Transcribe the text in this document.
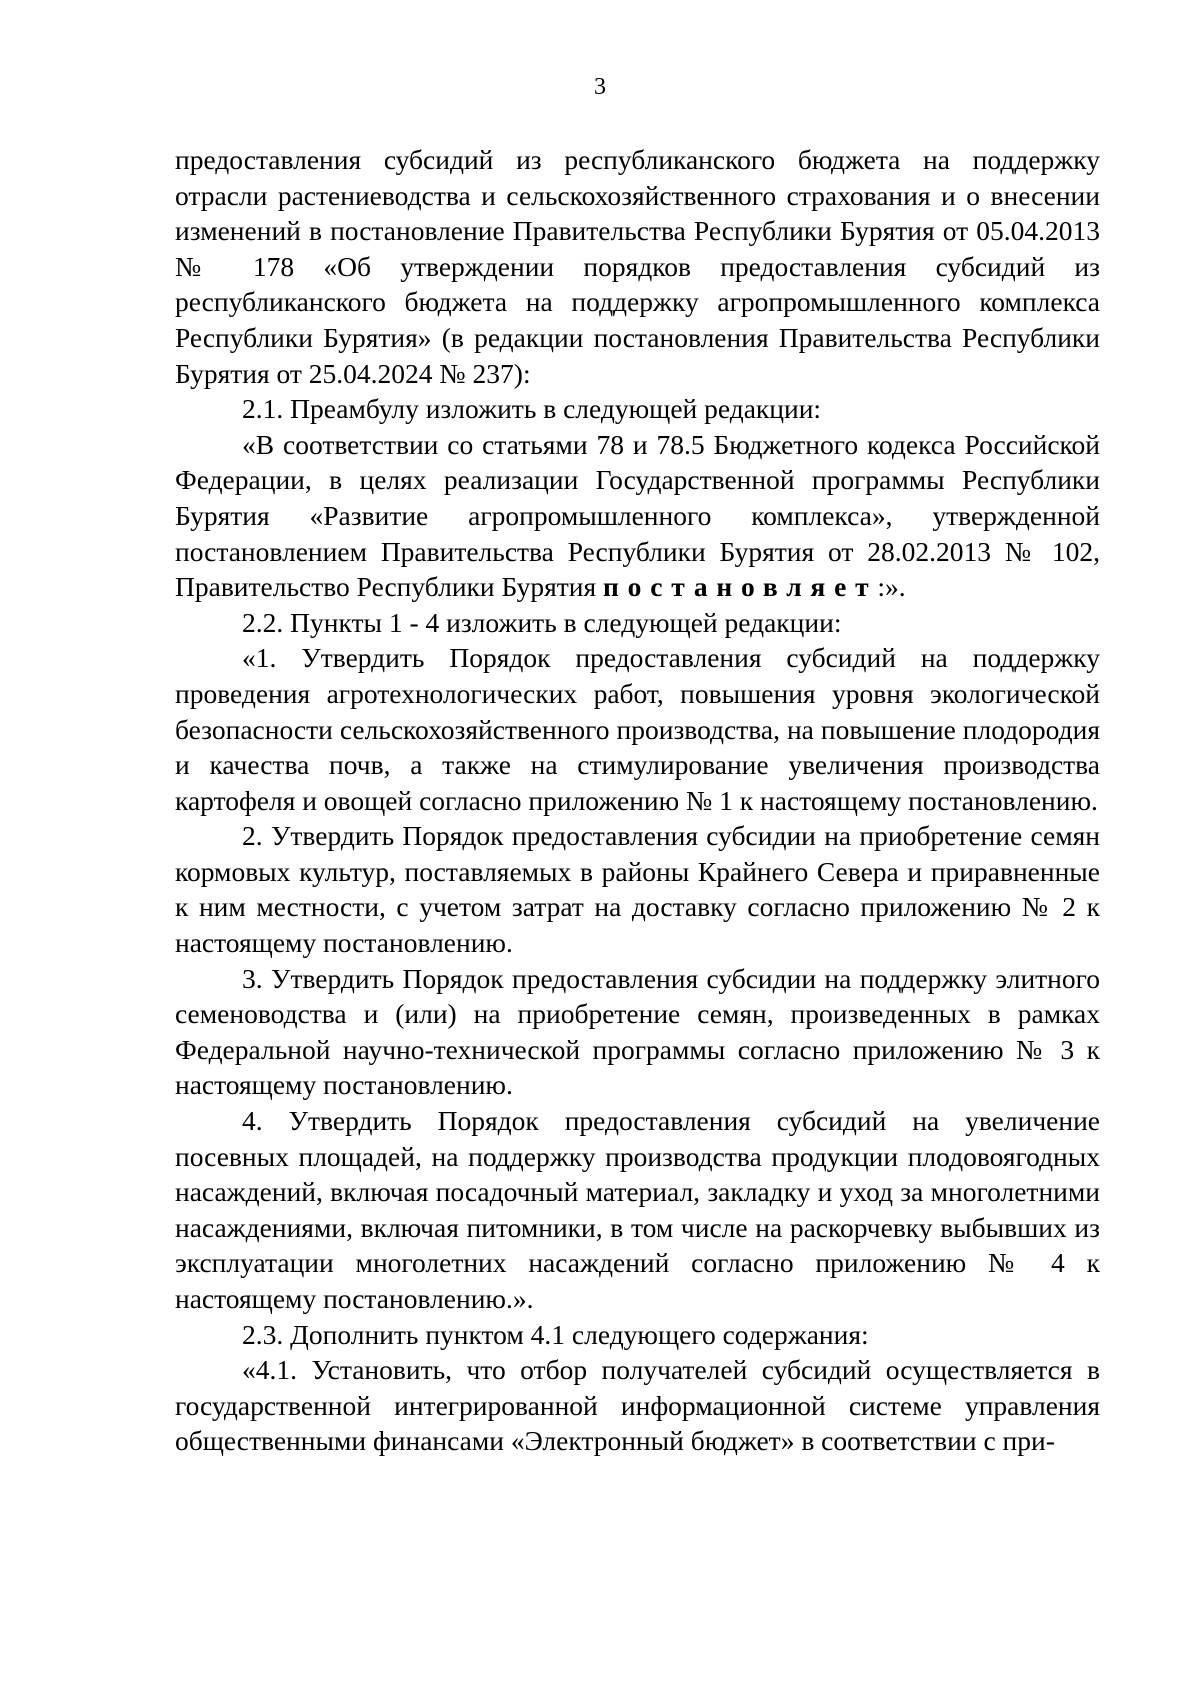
3

предоставления субсидий из республиканского бюджета на поддержку отрасли растениеводства и сельскохозяйственного страхования и о внесении изменений в постановление Правительства Республики Бурятия от 05.04.2013 № 178 «Об утверждении порядков предоставления субсидий из республиканского бюджета на поддержку агропромышленного комплекса Республики Бурятия» (в редакции постановления Правительства Республики Бурятия от 25.04.2024 № 237):

2.1. Преамбулу изложить в следующей редакции:

«В соответствии со статьями 78 и 78.5 Бюджетного кодекса Российской Федерации, в целях реализации Государственной программы Республики Бурятия «Развитие агропромышленного комплекса», утвержденной постановлением Правительства Республики Бурятия от 28.02.2013 № 102, Правительство Республики Бурятия постановляет:».

2.2. Пункты 1 - 4 изложить в следующей редакции:

«1. Утвердить Порядок предоставления субсидий на поддержку проведения агротехнологических работ, повышения уровня экологической безопасности сельскохозяйственного производства, на повышение плодородия и качества почв, а также на стимулирование увеличения производства картофеля и овощей согласно приложению № 1 к настоящему постановлению.

2. Утвердить Порядок предоставления субсидии на приобретение семян кормовых культур, поставляемых в районы Крайнего Севера и приравненные к ним местности, с учетом затрат на доставку согласно приложению № 2 к настоящему постановлению.

3. Утвердить Порядок предоставления субсидии на поддержку элитного семеноводства и (или) на приобретение семян, произведенных в рамках Федеральной научно-технической программы согласно приложению № 3 к настоящему постановлению.

4. Утвердить Порядок предоставления субсидий на увеличение посевных площадей, на поддержку производства продукции плодовоягодных насаждений, включая посадочный материал, закладку и уход за многолетними насаждениями, включая питомники, в том числе на раскорчевку выбывших из эксплуатации многолетних насаждений согласно приложению № 4 к настоящему постановлению.».

2.3. Дополнить пунктом 4.1 следующего содержания:

«4.1. Установить, что отбор получателей субсидий осуществляется в государственной интегрированной информационной системе управления общественными финансами «Электронный бюджет» в соответствии с при-
